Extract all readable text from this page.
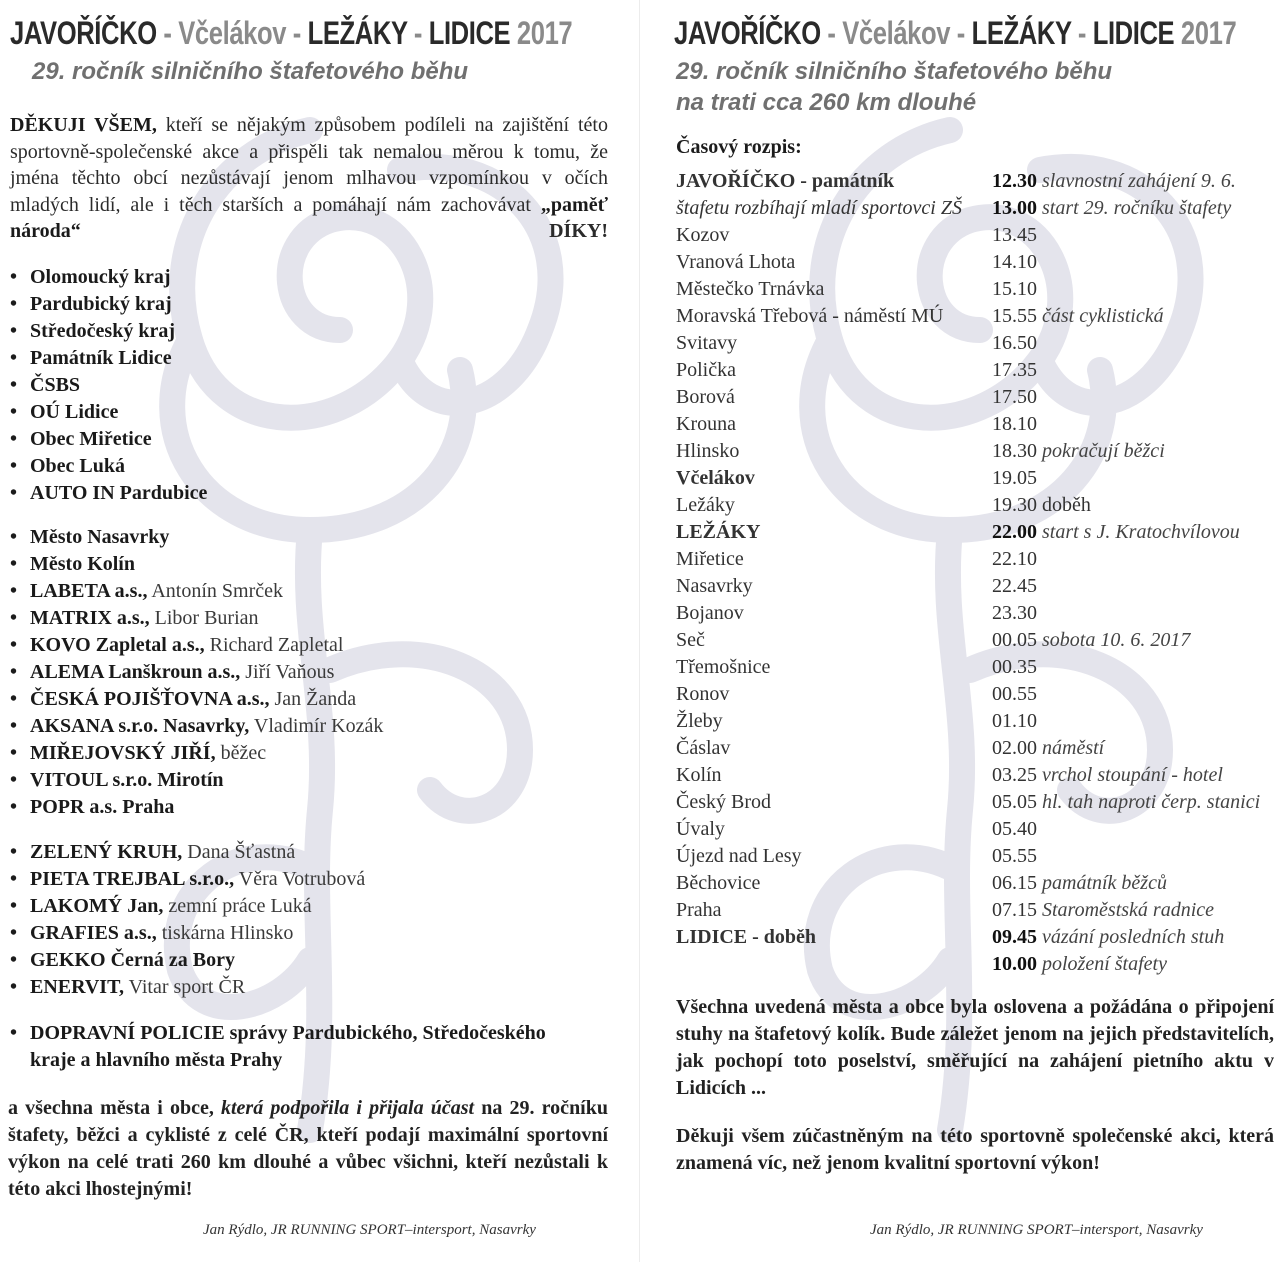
JAVOŘÍČKO - Včelákov - LEŽÁKY - LIDICE 2017
29. ročník silničního štafetového běhu
DĚKUJI VŠEM, kteří se nějakým způsobem podíleli na zajištění této sportovně-společenské akce a přispěli tak nemalou měrou k tomu, že jména těchto obcí nezůstávají jenom mlhavou vzpomínkou v očích mladých lidí, ale i těch starších a pomáhají nám zachovávat „paměť národa“	DÍKY!
• Olomoucký kraj
• Pardubický kraj
• Středočeský kraj
• Památník Lidice
• ČSBS
• OÚ Lidice
• Obec Miřetice
• Obec Luká
• AUTO IN Pardubice
• Město Nasavrky
• Město Kolín
• LABETA a.s., Antonín Smrček
• MATRIX a.s., Libor Burian
• KOVO Zapletal a.s., Richard Zapletal
• ALEMA Lanškroun a.s., Jiří Vaňous
• ČESKÁ POJIŠŤOVNA a.s., Jan Žanda
• AKSANA s.r.o. Nasavrky, Vladimír Kozák
• MIŘEJOVSKÝ JIŘÍ, běžec
• VITOUL s.r.o. Mirotín
• POPR a.s. Praha
• ZELENÝ KRUH, Dana Šťastná
• PIETA TREJBAL s.r.o., Věra Votrubová
• LAKOMÝ Jan, zemní práce Luká
• GRAFIES a.s., tiskárna Hlinsko
• GEKKO Černá za Bory
• ENERVIT, Vitar sport ČR
• DOPRAVNÍ POLICIE správy Pardubického, Středočeského
kraje a hlavního města Prahy
a všechna města i obce, která podpořila i přijala účast na 29. ročníku štafety, běžci a cyklisté z celé ČR, kteří podají maximální sportovní výkon na celé trati 260 km dlouhé a vůbec všichni, kteří nezůstali k této akci lhostejnými!
Jan Rýdlo, JR RUNNING SPORT–intersport, Nasavrky
JAVOŘÍČKO - Včelákov - LEŽÁKY - LIDICE 2017
29. ročník silničního štafetového běhu
na trati cca 260 km dlouhé
Časový rozpis:
JAVOŘÍČKO - památník	12.30 slavnostní zahájení 9. 6.
štafetu rozbíhají mladí sportovci ZŠ	13.00 start 29. ročníku štafety
Kozov	13.45
Vranová Lhota	14.10
Městečko Trnávka	15.10
Moravská Třebová - náměstí MÚ	15.55 část cyklistická
Svitavy	16.50
Polička	17.35
Borová	17.50
Krouna	18.10
Hlinsko	18.30 pokračují běžci
Včelákov	19.05
Ležáky	19.30 doběh
LEŽÁKY	22.00 start s J. Kratochvílovou
Miřetice	22.10
Nasavrky	22.45
Bojanov	23.30
Seč	00.05 sobota 10. 6. 2017
Třemošnice	00.35
Ronov	00.55
Žleby	01.10
Čáslav	02.00 náměstí
Kolín	03.25 vrchol stoupání - hotel
Český Brod	05.05 hl. tah naproti čerp. stanici
Úvaly	05.40
Újezd nad Lesy	05.55
Běchovice	06.15 památník běžců
Praha	07.15 Staroměstská radnice
LIDICE - doběh	09.45 vázání posledních stuh
	10.00 položení štafety
Všechna uvedená města a obce byla oslovena a požádána o připojení stuhy na štafetový kolík. Bude záležet jenom na jejich představitelích, jak pochopí toto poselství, směřující na zahájení pietního aktu v Lidicích ...
Děkuji všem zúčastněným na této sportovně společenské akci, která znamená víc, než jenom kvalitní sportovní výkon!
Jan Rýdlo, JR RUNNING SPORT–intersport, Nasavrky
